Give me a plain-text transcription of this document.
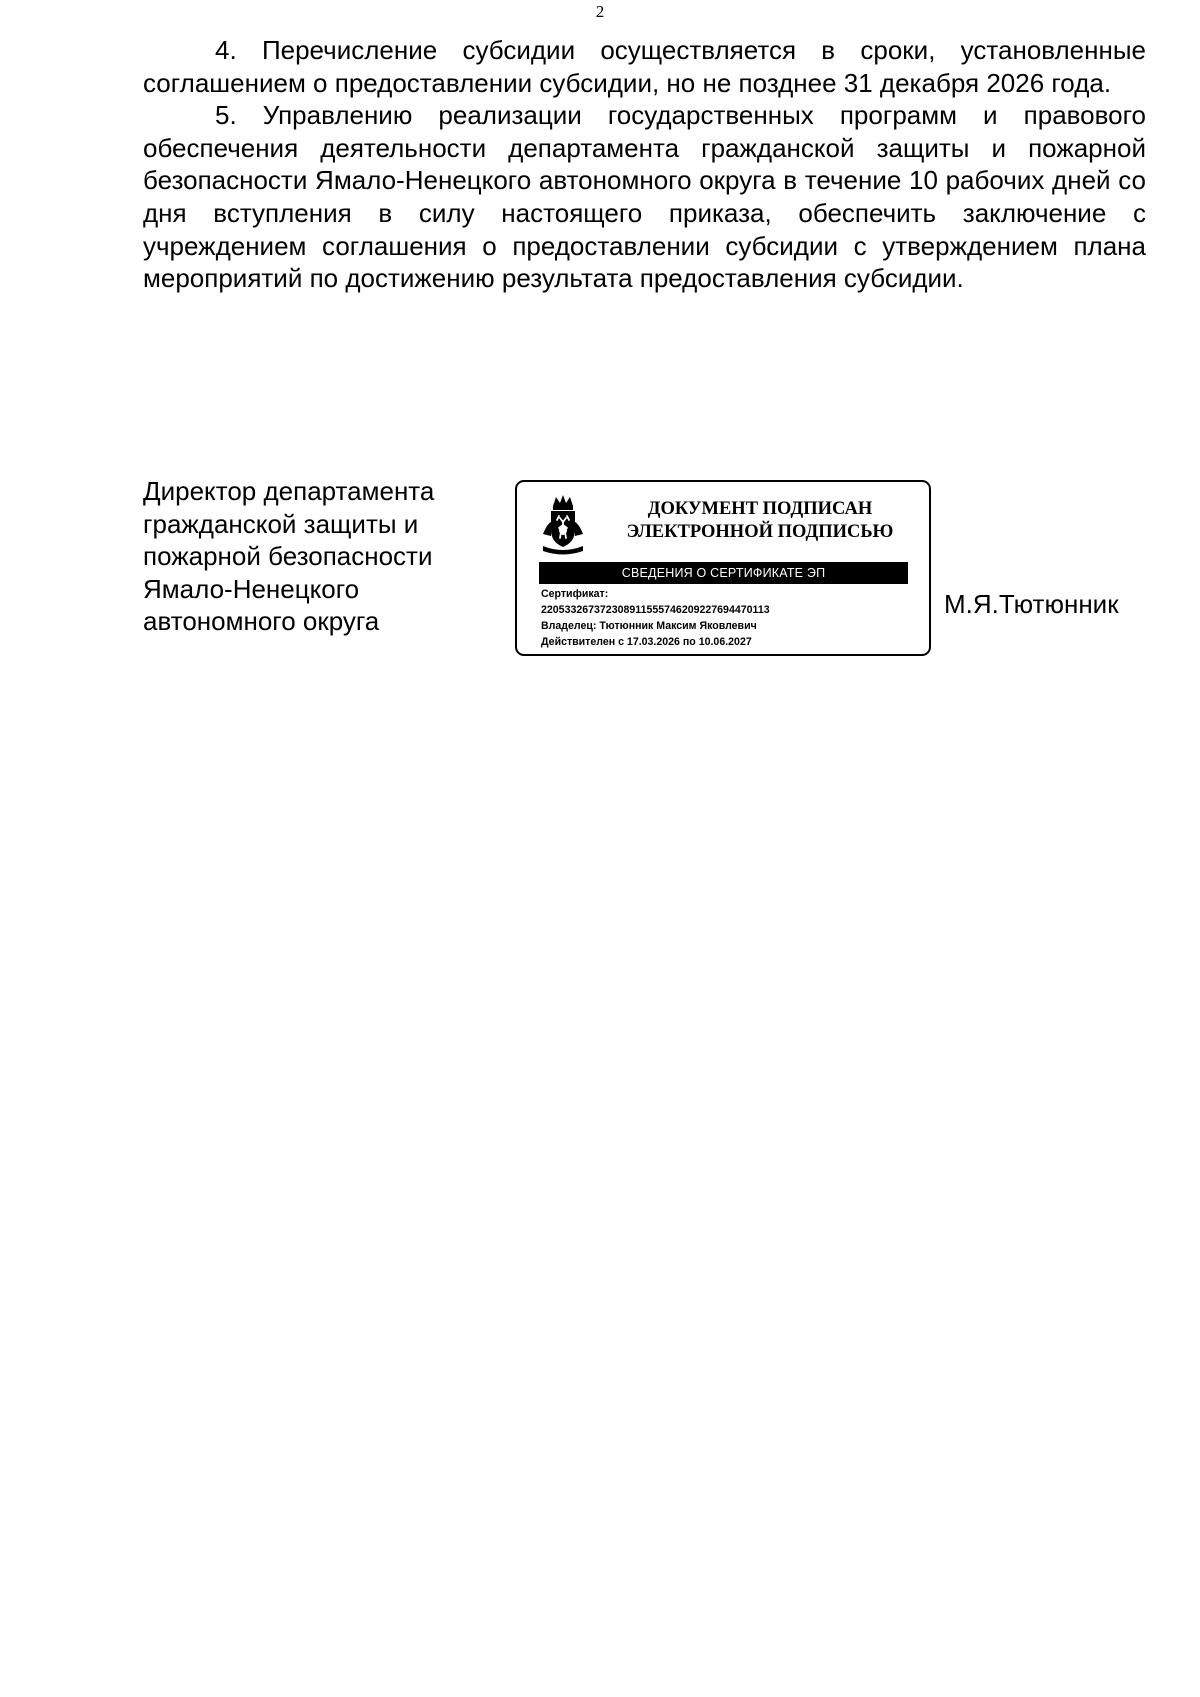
2

4. Перечисление субсидии осуществляется в сроки, установленные соглашением о предоставлении субсидии, но не позднее 31 декабря 2026 года.

5. Управлению реализации государственных программ и правового обеспечения деятельности департамента гражданской защиты и пожарной безопасности Ямало-Ненецкого автономного округа в течение 10 рабочих дней со дня вступления в силу настоящего приказа, обеспечить заключение с учреждением соглашения о предоставлении субсидии с утверждением плана мероприятий по достижению результата предоставления субсидии.

Директор департамента
гражданской защиты и
пожарной безопасности
Ямало-Ненецкого
автономного округа
ДОКУМЕНТ ПОДПИСАН
ЭЛЕКТРОННОЙ ПОДПИСЬЮ
СВЕДЕНИЯ О СЕРТИФИКАТЕ ЭП
Сертификат:
220533267372308911555746209227694470113
Владелец: Тютюнник Максим Яковлевич
Действителен с 17.03.2026 по 10.06.2027
М.Я.Тютюнник
